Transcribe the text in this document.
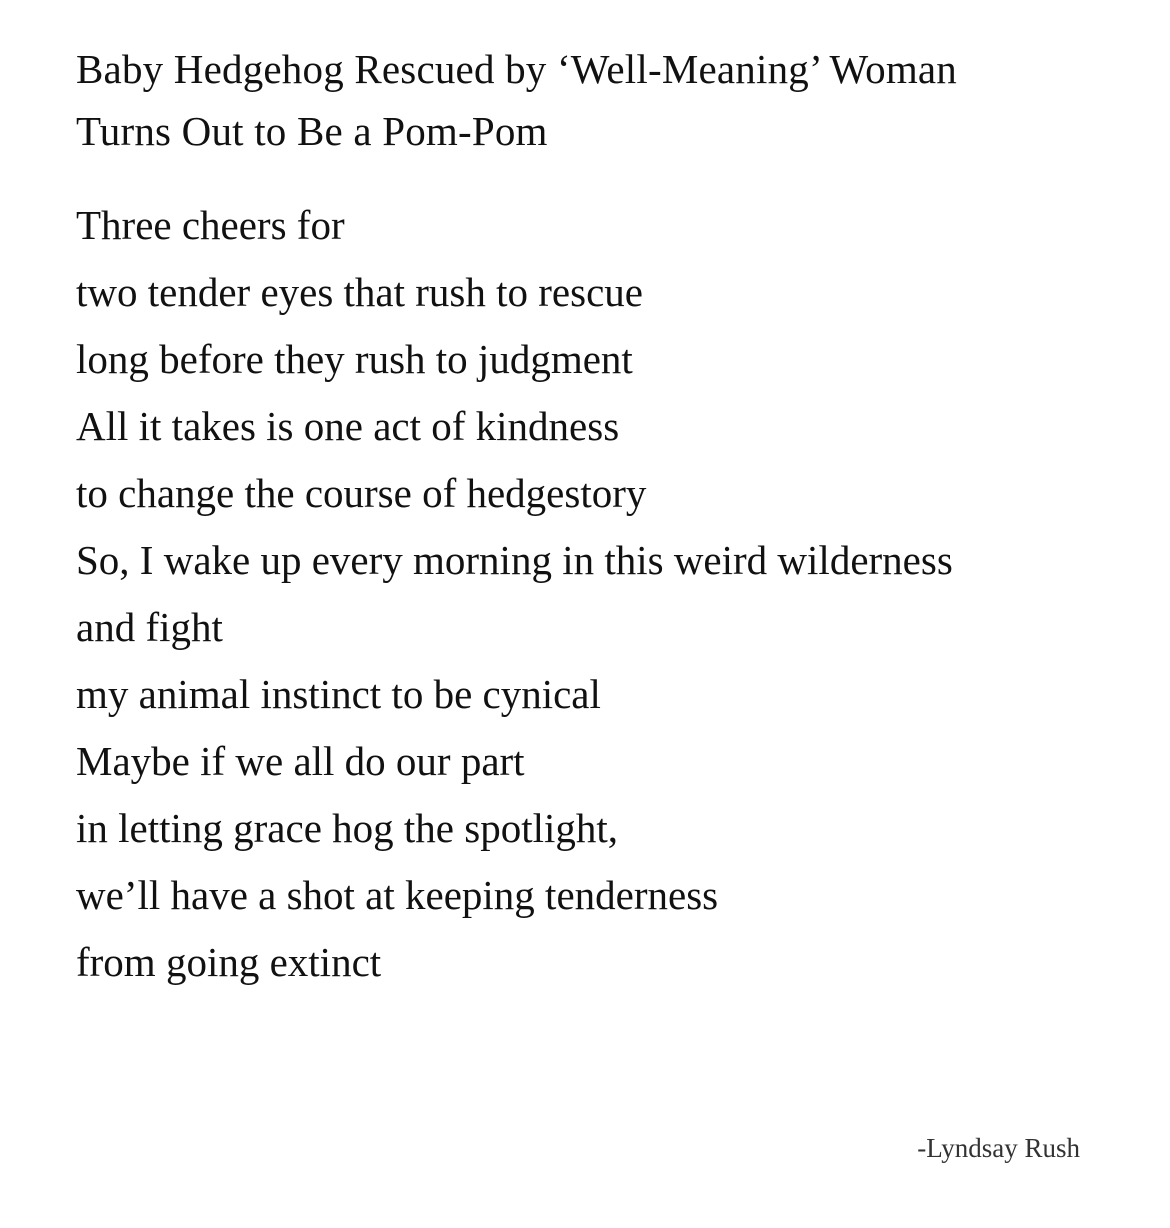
Baby Hedgehog Rescued by ‘Well-Meaning’ Woman
Turns Out to Be a Pom-Pom
Three cheers for
two tender eyes that rush to rescue
long before they rush to judgment
All it takes is one act of kindness
to change the course of hedgestory
So, I wake up every morning in this weird wilderness
and fight
my animal instinct to be cynical
Maybe if we all do our part
in letting grace hog the spotlight,
we’ll have a shot at keeping tenderness
from going extinct
-Lyndsay Rush
